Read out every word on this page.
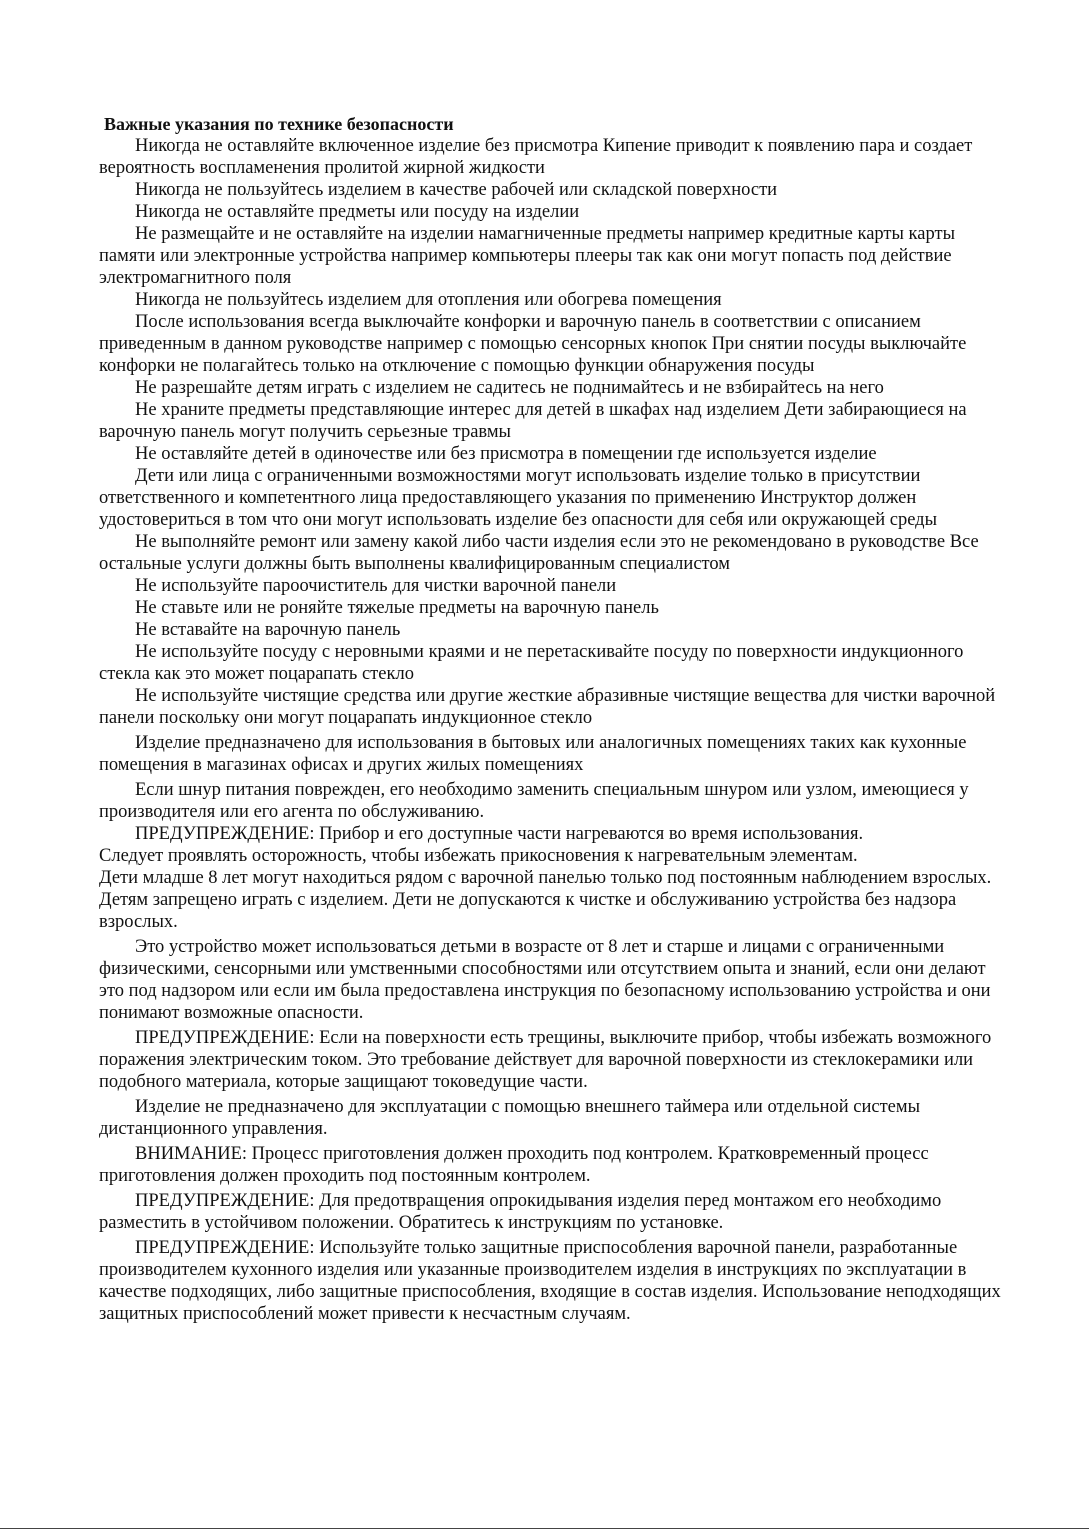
Важные указания по технике безопасности

Никогда не оставляйте включенное изделие без присмотра Кипение приводит к появлению пара и создает вероятность воспламенения пролитой жирной жидкости

Никогда не пользуйтесь изделием в качестве рабочей или складской поверхности

Никогда не оставляйте предметы или посуду на изделии

Не размещайте и не оставляйте на изделии намагниченные предметы например кредитные карты карты памяти или электронные устройства например компьютеры плееры так как они могут попасть под действие электромагнитного поля

Никогда не пользуйтесь изделием для отопления или обогрева помещения

После использования всегда выключайте конфорки и варочную панель в соответствии с описанием приведенным в данном руководстве например с помощью сенсорных кнопок При снятии посуды выключайте конфорки не полагайтесь только на отключение с помощью функции обнаружения посуды

Не разрешайте детям играть с изделием не садитесь не поднимайтесь и не взбирайтесь на него

Не храните предметы представляющие интерес для детей в шкафах над изделием Дети забирающиеся на варочную панель могут получить серьезные травмы

Не оставляйте детей в одиночестве или без присмотра в помещении где используется изделие

Дети или лица с ограниченными возможностями могут использовать изделие только в присутствии ответственного и компетентного лица предоставляющего указания по применению Инструктор должен удостовериться в том что они могут использовать изделие без опасности для себя или окружающей среды

Не выполняйте ремонт или замену какой либо части изделия если это не рекомендовано в руководстве Все остальные услуги должны быть выполнены квалифицированным специалистом

Не используйте пароочиститель для чистки варочной панели

Не ставьте или не роняйте тяжелые предметы на варочную панель

Не вставайте на варочную панель

Не используйте посуду с неровными краями и не перетаскивайте посуду по поверхности индукционного стекла как это может поцарапать стекло

Не используйте чистящие средства или другие жесткие абразивные чистящие вещества для чистки варочной панели поскольку они могут поцарапать индукционное стекло

Изделие предназначено для использования в бытовых или аналогичных помещениях таких как кухонные помещения в магазинах офисах и других жилых помещениях

Если шнур питания поврежден, его необходимо заменить специальным шнуром или узлом, имеющиеся у производителя или его агента по обслуживанию.

ПРЕДУПРЕЖДЕНИЕ: Прибор и его доступные части нагреваются во время использования.

Следует проявлять осторожность, чтобы избежать прикосновения к нагревательным элементам.

Дети младше 8 лет могут находиться рядом с варочной панелью только под постоянным наблюдением взрослых.

Детям запрещено играть с изделием. Дети не допускаются к чистке и обслуживанию устройства без надзора взрослых.

Это устройство может использоваться детьми в возрасте от 8 лет и старше и лицами с ограниченными физическими, сенсорными или умственными способностями или отсутствием опыта и знаний, если они делают это под надзором или если им была предоставлена инструкция по безопасному использованию устройства и они понимают возможные опасности.

ПРЕДУПРЕЖДЕНИЕ: Если на поверхности есть трещины, выключите прибор, чтобы избежать возможного поражения электрическим током. Это требование действует для варочной поверхности из стеклокерамики или подобного материала, которые защищают токоведущие части.

Изделие не предназначено для эксплуатации с помощью внешнего таймера или отдельной системы дистанционного управления.

ВНИМАНИЕ: Процесс приготовления должен проходить под контролем. Кратковременный процесс приготовления должен проходить под постоянным контролем.

ПРЕДУПРЕЖДЕНИЕ: Для предотвращения опрокидывания изделия перед монтажом его необходимо разместить в устойчивом положении. Обратитесь к инструкциям по установке.

ПРЕДУПРЕЖДЕНИЕ: Используйте только защитные приспособления варочной панели, разработанные производителем кухонного изделия или указанные производителем изделия в инструкциях по эксплуатации в качестве подходящих, либо защитные приспособления, входящие в состав изделия. Использование неподходящих защитных приспособлений может привести к несчастным случаям.
